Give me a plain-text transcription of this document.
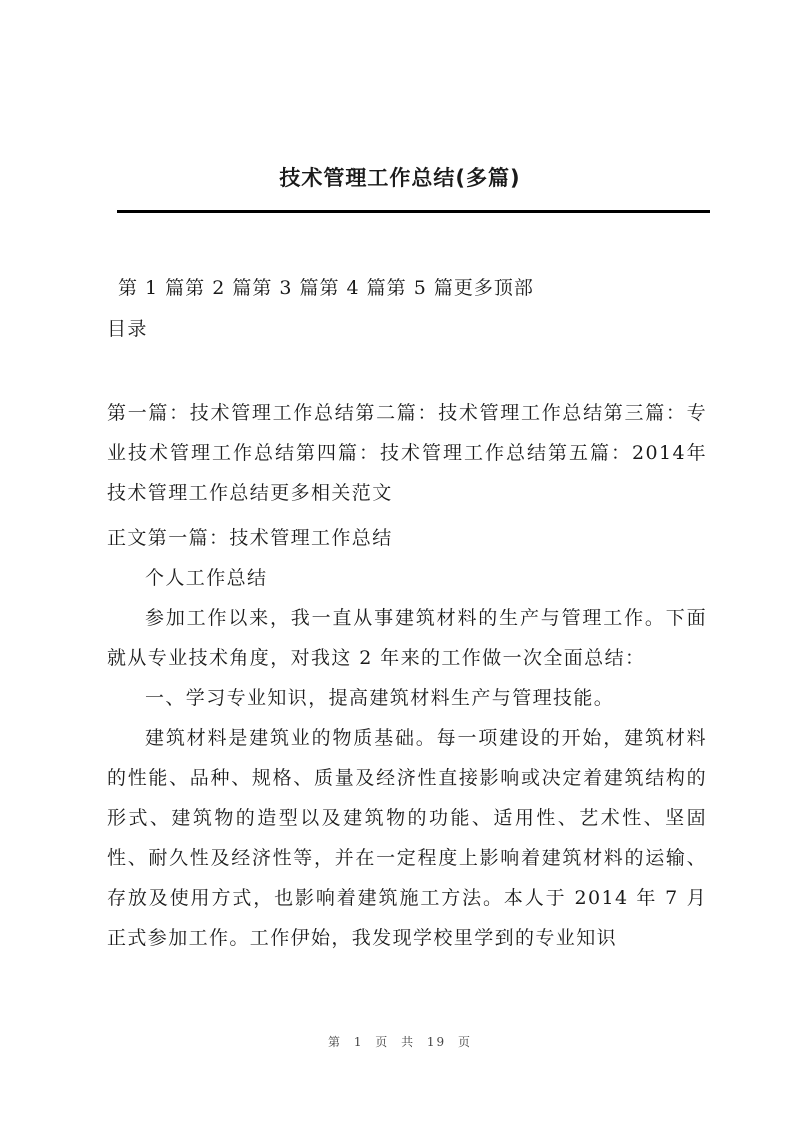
技术管理工作总结(多篇)
第 1 篇第 2 篇第 3 篇第 4 篇第 5 篇更多顶部

目录

第一篇：技术管理工作总结第二篇：技术管理工作总结第三篇：专业技术管理工作总结第四篇：技术管理工作总结第五篇：2014年技术管理工作总结更多相关范文

正文第一篇：技术管理工作总结

个人工作总结

参加工作以来，我一直从事建筑材料的生产与管理工作。下面就从专业技术角度，对我这 2 年来的工作做一次全面总结：

一、学习专业知识，提高建筑材料生产与管理技能。

建筑材料是建筑业的物质基础。每一项建设的开始，建筑材料的性能、品种、规格、质量及经济性直接影响或决定着建筑结构的形式、建筑物的造型以及建筑物的功能、适用性、艺术性、坚固性、耐久性及经济性等，并在一定程度上影响着建筑材料的运输、存放及使用方式，也影响着建筑施工方法。本人于 2014 年 7 月正式参加工作。工作伊始，我发现学校里学到的专业知识

第 1 页 共 19 页
